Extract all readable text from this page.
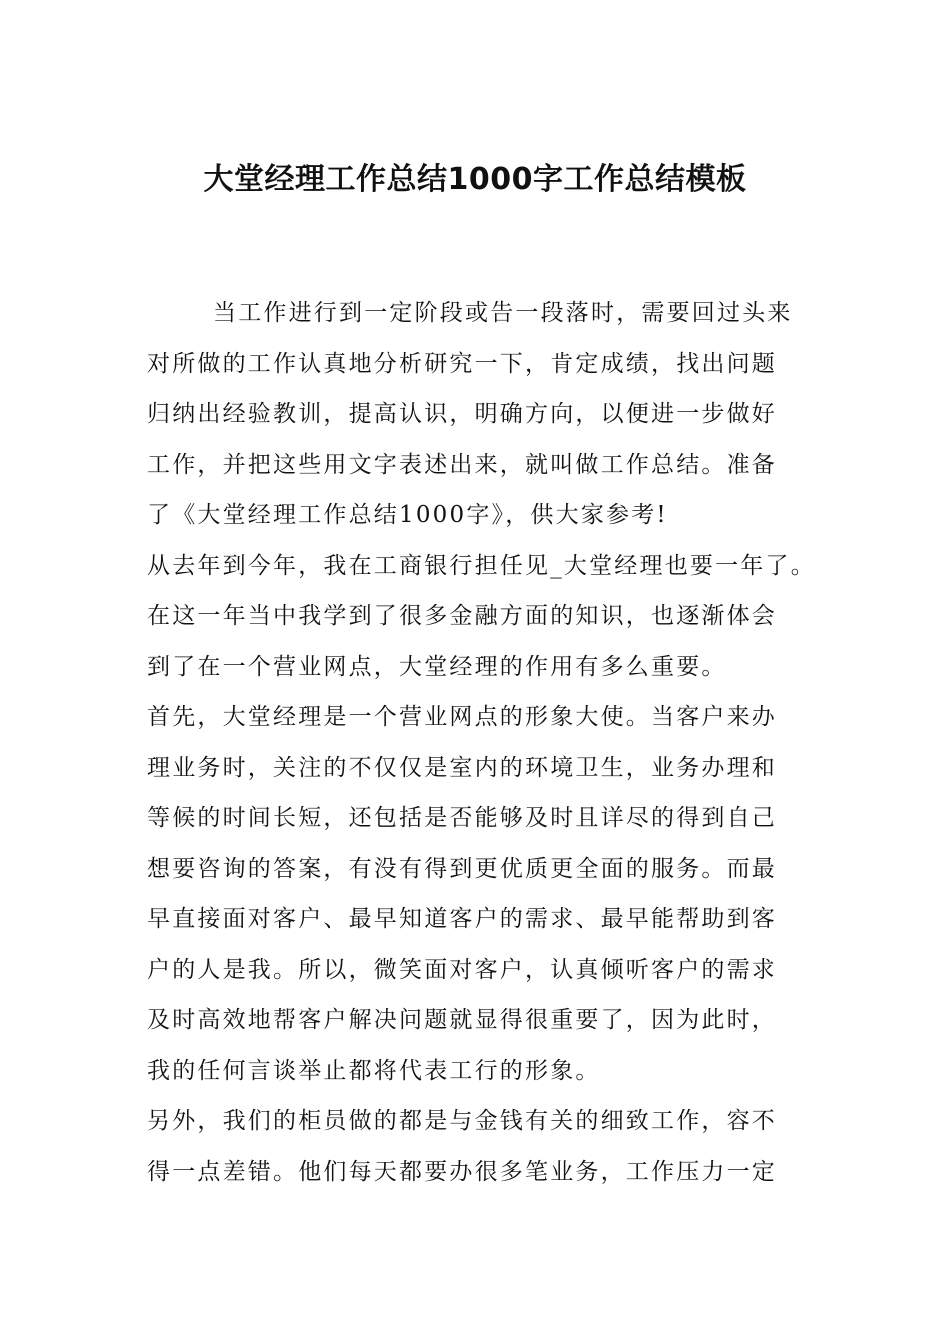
大堂经理工作总结1000字工作总结模板
当工作进行到一定阶段或告一段落时，需要回过头来
对所做的工作认真地分析研究一下，肯定成绩，找出问题
归纳出经验教训，提高认识，明确方向，以便进一步做好
工作，并把这些用文字表述出来，就叫做工作总结。准备
了《大堂经理工作总结1000字》，供大家参考!
从去年到今年，我在工商银行担任见_大堂经理也要一年了。
在这一年当中我学到了很多金融方面的知识，也逐渐体会
到了在一个营业网点，大堂经理的作用有多么重要。
首先，大堂经理是一个营业网点的形象大使。当客户来办
理业务时，关注的不仅仅是室内的环境卫生，业务办理和
等候的时间长短，还包括是否能够及时且详尽的得到自己
想要咨询的答案，有没有得到更优质更全面的服务。而最
早直接面对客户、最早知道客户的需求、最早能帮助到客
户的人是我。所以，微笑面对客户，认真倾听客户的需求
及时高效地帮客户解决问题就显得很重要了，因为此时，
我的任何言谈举止都将代表工行的形象。
另外，我们的柜员做的都是与金钱有关的细致工作，容不
得一点差错。他们每天都要办很多笔业务，工作压力一定
